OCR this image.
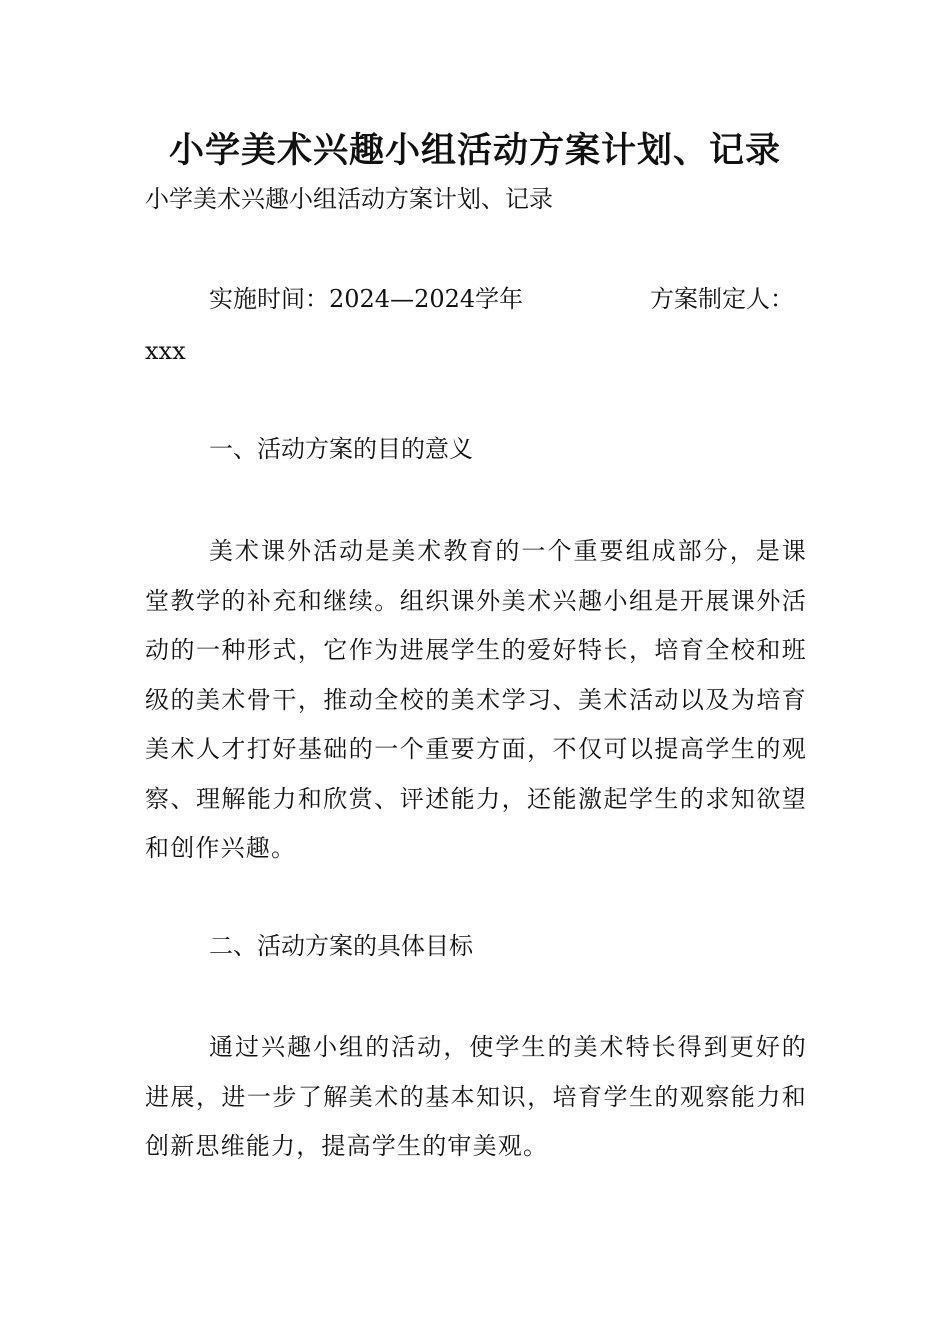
小学美术兴趣小组活动方案计划、记录
小学美术兴趣小组活动方案计划、记录
实施时间：2024—2024学年	方案制定人：
xxx
一、活动方案的目的意义

美术课外活动是美术教育的一个重要组成部分，是课堂教学的补充和继续。组织课外美术兴趣小组是开展课外活动的一种形式，它作为进展学生的爱好特长，培育全校和班级的美术骨干，推动全校的美术学习、美术活动以及为培育美术人才打好基础的一个重要方面，不仅可以提高学生的观察、理解能力和欣赏、评述能力，还能激起学生的求知欲望和创作兴趣。

二、活动方案的具体目标

通过兴趣小组的活动，使学生的美术特长得到更好的进展，进一步了解美术的基本知识，培育学生的观察能力和创新思维能力，提高学生的审美观。
